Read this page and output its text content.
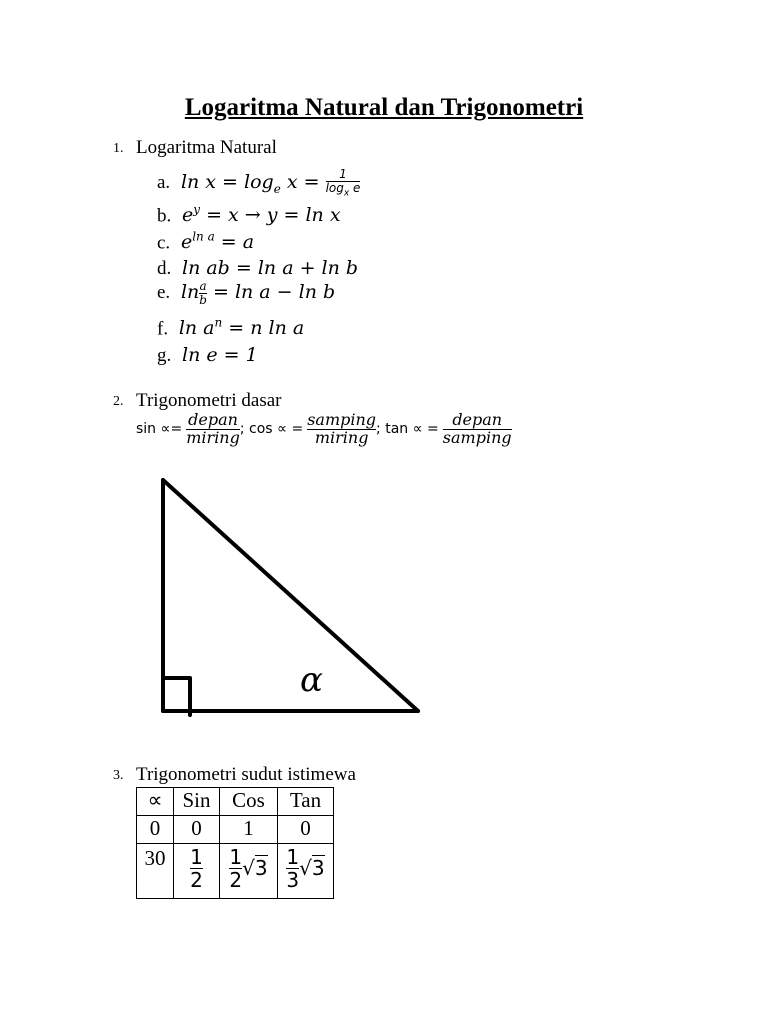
Logaritma Natural dan Trigonometri
1. Logaritma Natural
a. $\ln x = \log_e x = \frac{1}{\log_x e}$
b. $e^y = x \to y = \ln x$
c. $e^{ln a} = a$
d. ln ab = ln a + ln b
e. $\ln \frac{a}{b} = \ln a - \ln b$
f. $\ln a^n = n$ ln a
g. ln e = 1
2. Trigonometri dasar
$\sin \propto= \frac{\text{depan}}{\text{miring}}$ ; cos ∝ = $\frac{\text{samping}}{\text{miring}}$ ; tan ∝ = $\frac{\text{depan}}{\text{samping}}$
α
3. Trigonometri sudut istimewa
∝	Sin	Cos	Tan
0	0	1	0
30	$\frac{1}{2}$	$\frac{1}{2} √3$	$\frac{1}{3} √3$
